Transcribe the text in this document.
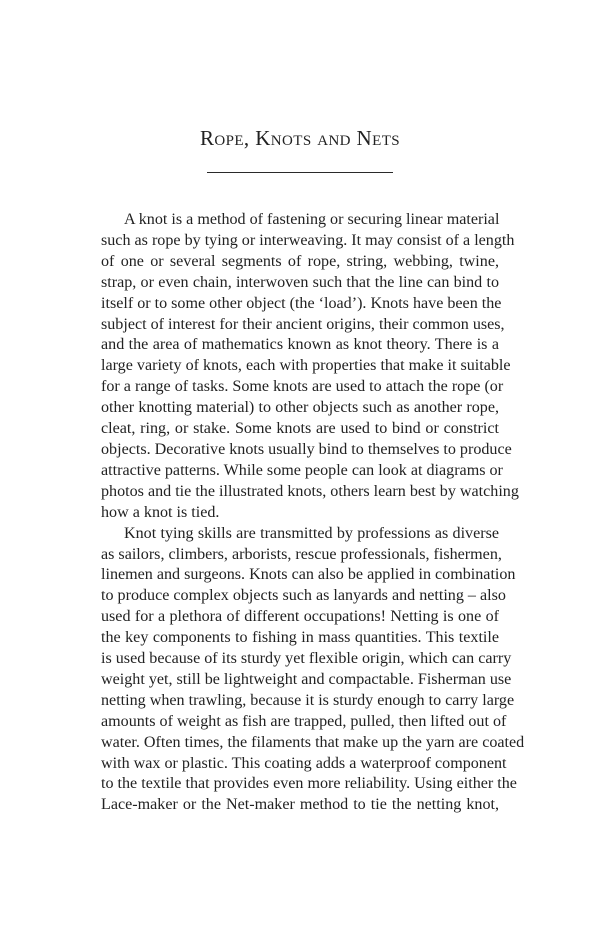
Rope, Knots and Nets
A knot is a method of fastening or securing linear material
such as rope by tying or interweaving. It may consist of a length
of one or several segments of rope, string, webbing, twine,
strap, or even chain, interwoven such that the line can bind to
itself or to some other object (the ‘load’). Knots have been the
subject of interest for their ancient origins, their common uses,
and the area of mathematics known as knot theory. There is a
large variety of knots, each with properties that make it suitable
for a range of tasks. Some knots are used to attach the rope (or
other knotting material) to other objects such as another rope,
cleat, ring, or stake. Some knots are used to bind or constrict
objects. Decorative knots usually bind to themselves to produce
attractive patterns. While some people can look at diagrams or
photos and tie the illustrated knots, others learn best by watching
how a knot is tied.
Knot tying skills are transmitted by professions as diverse
as sailors, climbers, arborists, rescue professionals, fishermen,
linemen and surgeons. Knots can also be applied in combination
to produce complex objects such as lanyards and netting – also
used for a plethora of different occupations! Netting is one of
the key components to fishing in mass quantities. This textile
is used because of its sturdy yet flexible origin, which can carry
weight yet, still be lightweight and compactable. Fisherman use
netting when trawling, because it is sturdy enough to carry large
amounts of weight as fish are trapped, pulled, then lifted out of
water. Often times, the filaments that make up the yarn are coated
with wax or plastic. This coating adds a waterproof component
to the textile that provides even more reliability. Using either the
Lace-maker or the Net-maker method to tie the netting knot,
